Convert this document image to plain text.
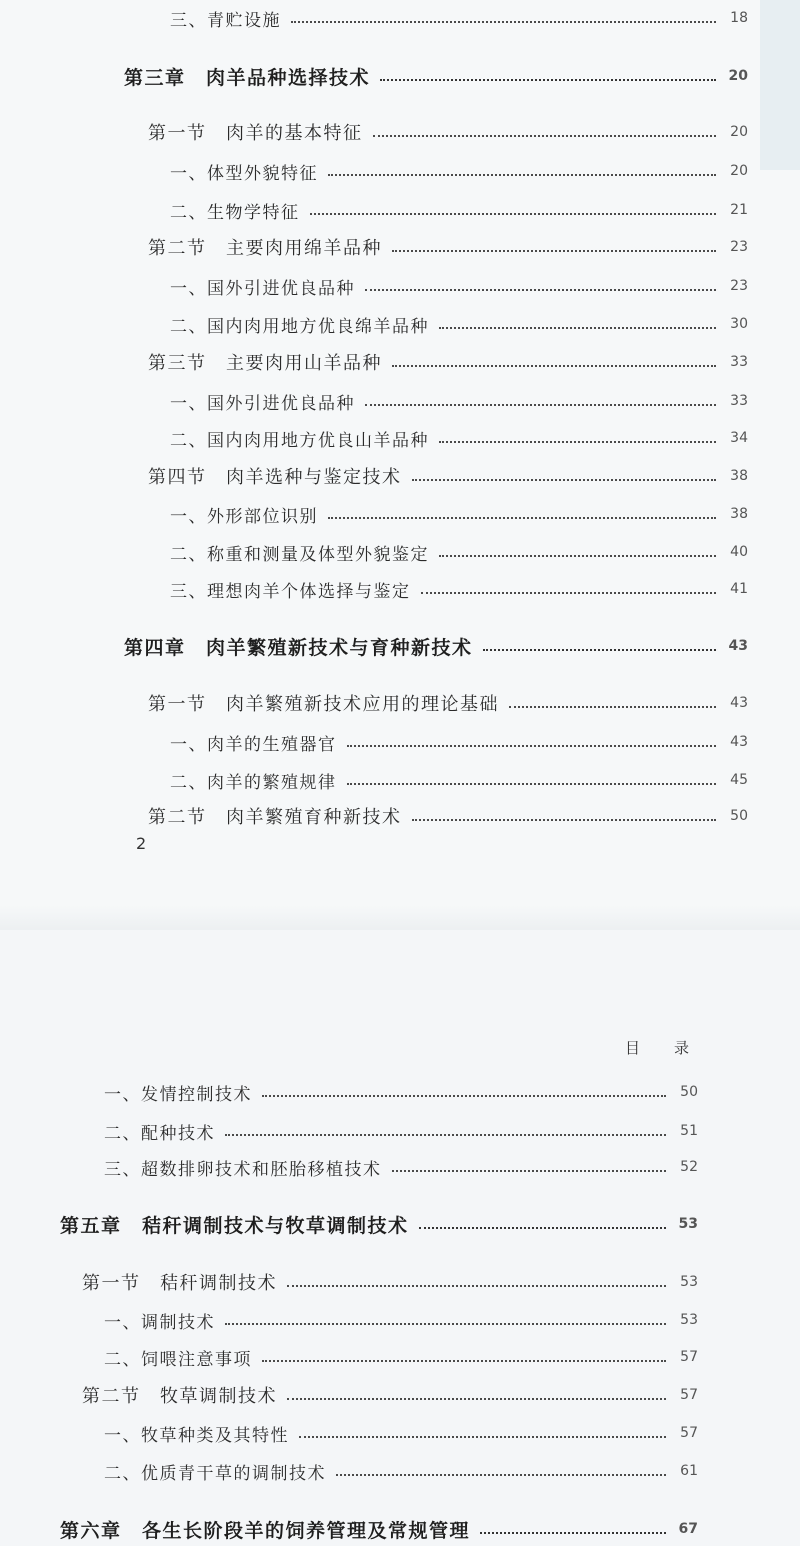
三、青贮设施	18
第三章　肉羊品种选择技术	20
第一节　肉羊的基本特征	20
一、体型外貌特征	20
二、生物学特征	21
第二节　主要肉用绵羊品种	23
一、国外引进优良品种	23
二、国内肉用地方优良绵羊品种	30
第三节　主要肉用山羊品种	33
一、国外引进优良品种	33
二、国内肉用地方优良山羊品种	34
第四节　肉羊选种与鉴定技术	38
一、外形部位识别	38
二、称重和测量及体型外貌鉴定	40
三、理想肉羊个体选择与鉴定	41
第四章　肉羊繁殖新技术与育种新技术	43
第一节　肉羊繁殖新技术应用的理论基础	43
一、肉羊的生殖器官	43
二、肉羊的繁殖规律	45
第二节　肉羊繁殖育种新技术	50
2
目 录
一、发情控制技术	50
二、配种技术	51
三、超数排卵技术和胚胎移植技术	52
第五章　秸秆调制技术与牧草调制技术	53
第一节　秸秆调制技术	53
一、调制技术	53
二、饲喂注意事项	57
第二节　牧草调制技术	57
一、牧草种类及其特性	57
二、优质青干草的调制技术	61
第六章　各生长阶段羊的饲养管理及常规管理	67
